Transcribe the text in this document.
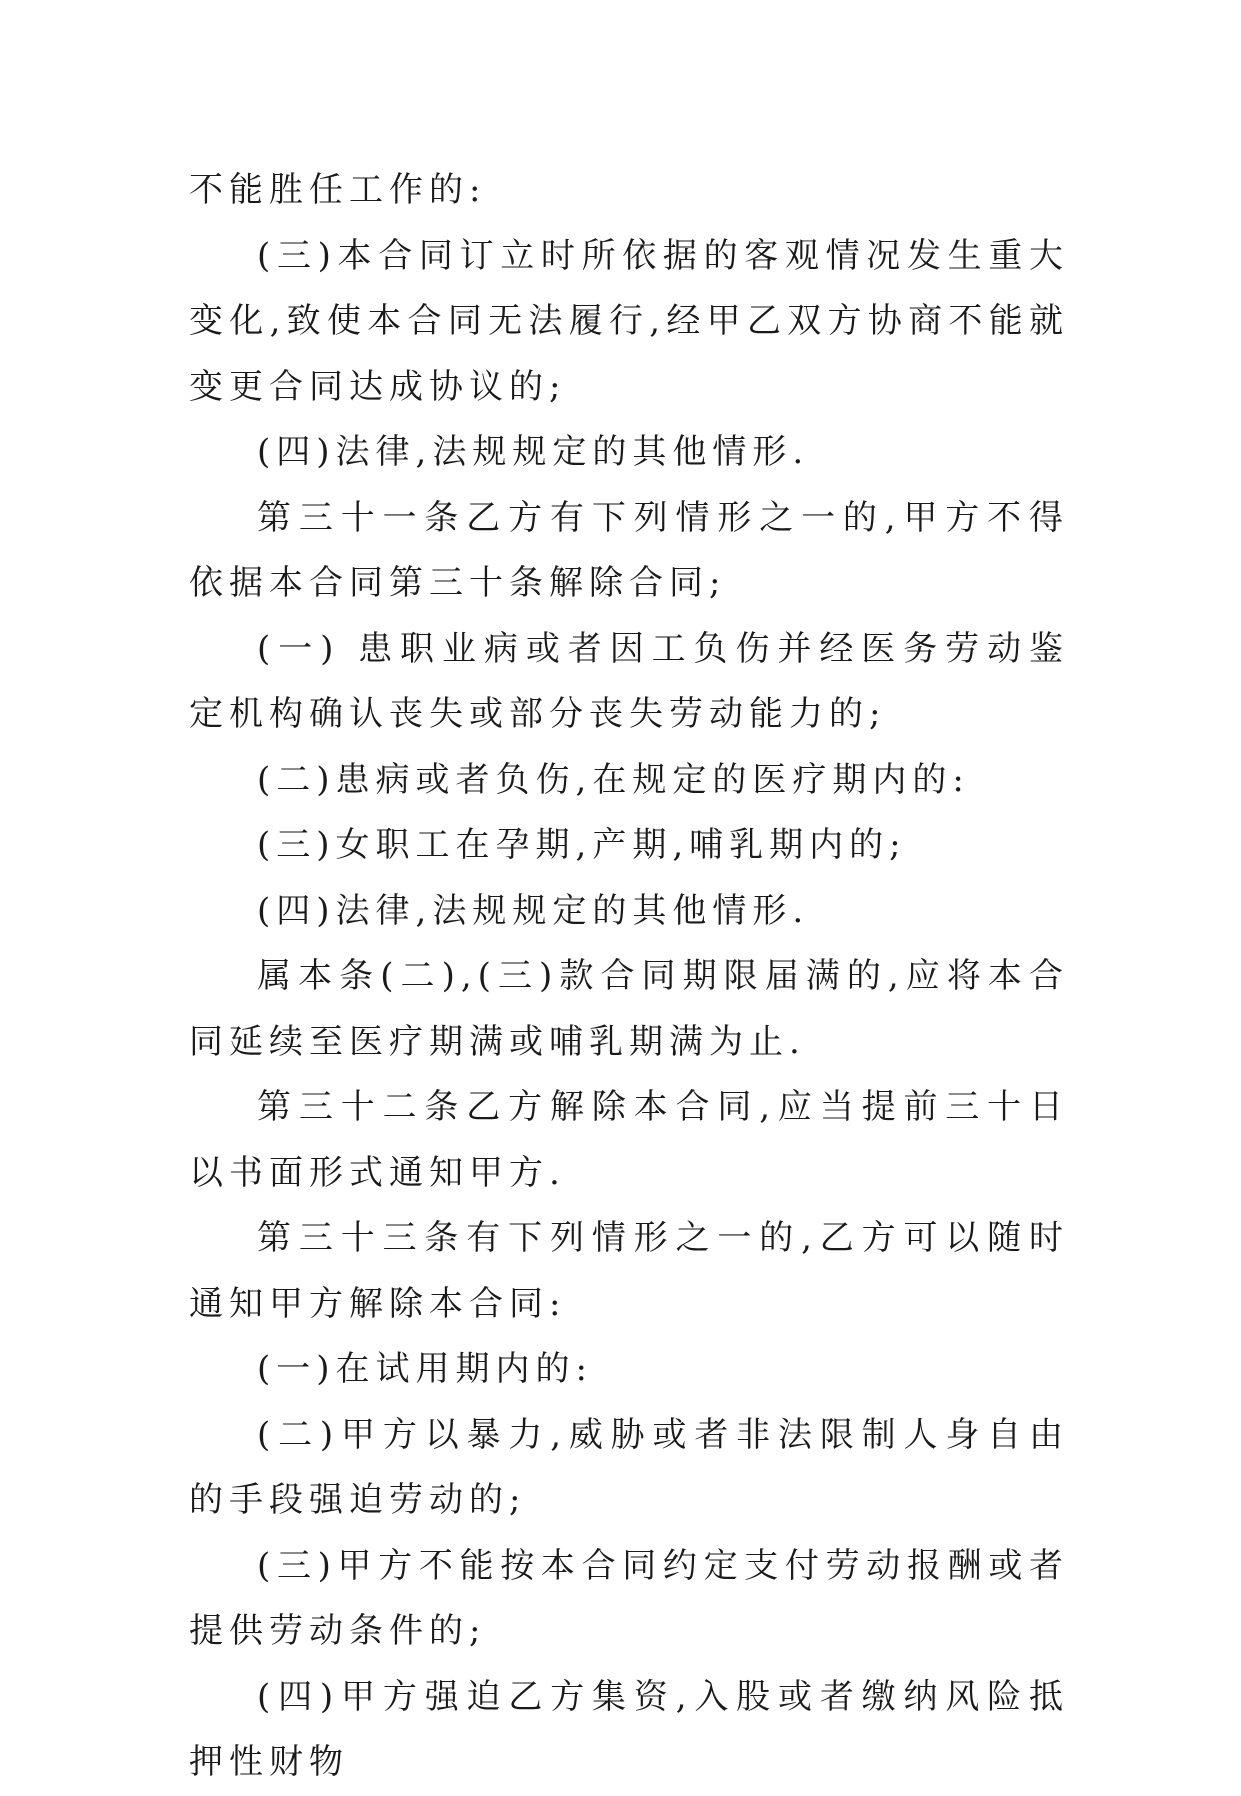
不能胜任工作的:

(三)本合同订立时所依据的客观情况发生重大变化,致使本合同无法履行,经甲乙双方协商不能就变更合同达成协议的;

(四)法律,法规规定的其他情形.

第三十一条乙方有下列情形之一的,甲方不得依据本合同第三十条解除合同;

(一) 患职业病或者因工负伤并经医务劳动鉴定机构确认丧失或部分丧失劳动能力的;

(二)患病或者负伤,在规定的医疗期内的:

(三)女职工在孕期,产期,哺乳期内的;

(四)法律,法规规定的其他情形.

属本条(二),(三)款合同期限届满的,应将本合同延续至医疗期满或哺乳期满为止.

第三十二条乙方解除本合同,应当提前三十日以书面形式通知甲方.

第三十三条有下列情形之一的,乙方可以随时通知甲方解除本合同:

(一)在试用期内的:

(二)甲方以暴力,威胁或者非法限制人身自由的手段强迫劳动的;

(三)甲方不能按本合同约定支付劳动报酬或者提供劳动条件的;

(四)甲方强迫乙方集资,入股或者缴纳风险抵押性财物
